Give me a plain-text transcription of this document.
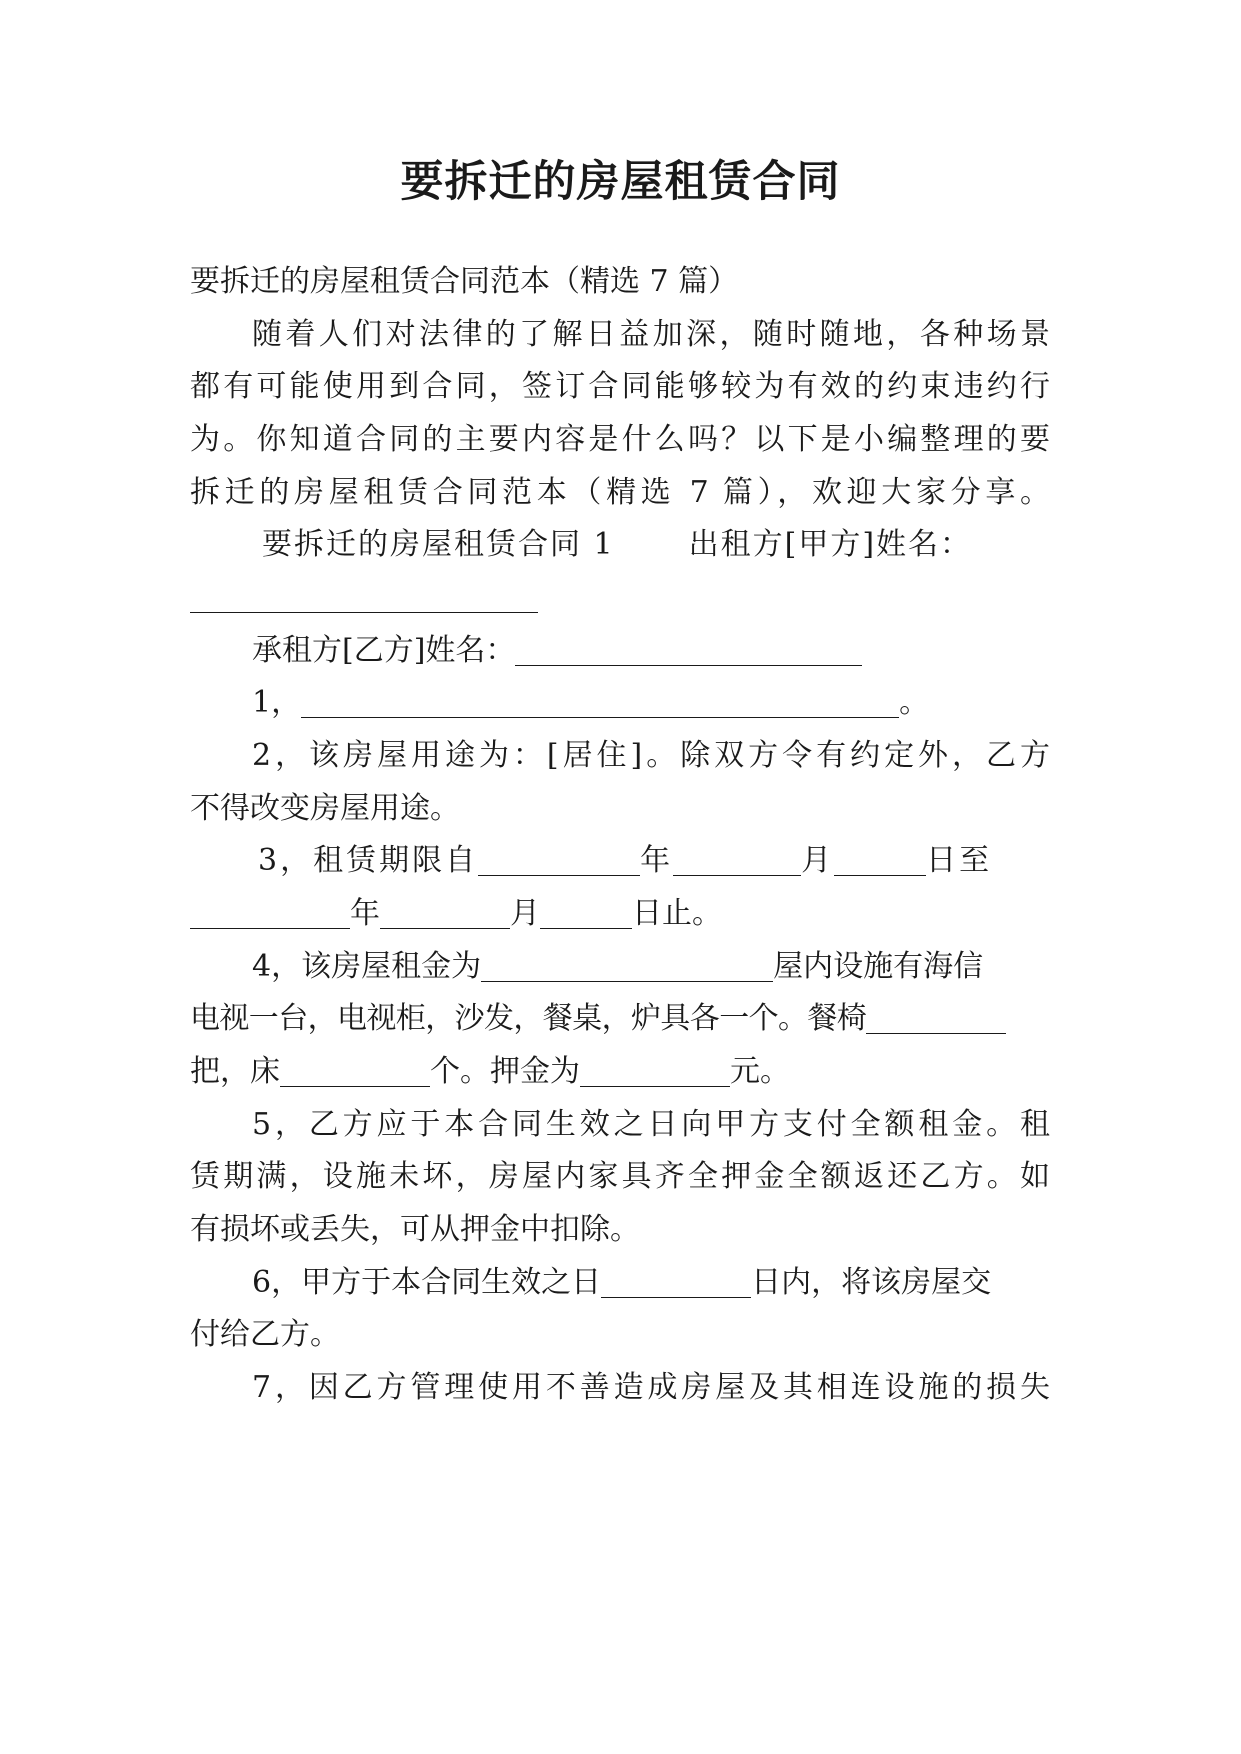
要拆迁的房屋租赁合同
要拆迁的房屋租赁合同范本（精选 7 篇）
随着人们对法律的了解日益加深，随时随地，各种场景
都有可能使用到合同，签订合同能够较为有效的约束违约行
为。你知道合同的主要内容是什么吗？以下是小编整理的要
拆迁的房屋租赁合同范本（精选 7 篇），欢迎大家分享。
要拆迁的房屋租赁合同 1 出租方[甲方]姓名：
承租方[乙方]姓名：
1，	。
2，该房屋用途为：[居住]。除双方令有约定外，乙方
不得改变房屋用途。
3，租赁期限自	年	月	日至
年	月	日止。
4，该房屋租金为	屋内设施有海信
电视一台，电视柜，沙发，餐桌，炉具各一个。餐椅
把，床	个。押金为	元。
5，乙方应于本合同生效之日向甲方支付全额租金。租
赁期满，设施未坏，房屋内家具齐全押金全额返还乙方。如
有损坏或丢失，可从押金中扣除。
6，甲方于本合同生效之日	日内，将该房屋交
付给乙方。
7，因乙方管理使用不善造成房屋及其相连设施的损失
